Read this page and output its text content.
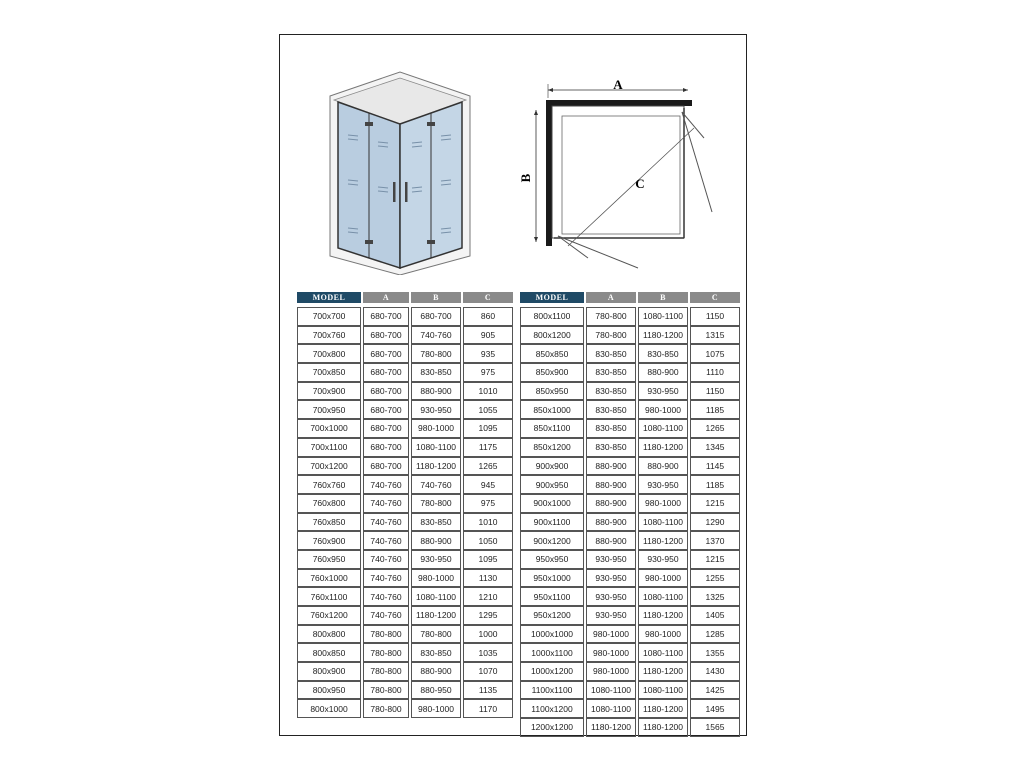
A
B	C
MODEL	A	B	C

700x700	680-700	680-700	860
700x760	680-700	740-760	905
700x800	680-700	780-800	935
700x850	680-700	830-850	975
700x900	680-700	880-900	1010
700x950	680-700	930-950	1055
700x1000	680-700	980-1000	1095
700x1100	680-700	1080-1100	1175
700x1200	680-700	1180-1200	1265
760x760	740-760	740-760	945
760x800	740-760	780-800	975
760x850	740-760	830-850	1010
760x900	740-760	880-900	1050
760x950	740-760	930-950	1095
760x1000	740-760	980-1000	1130
760x1100	740-760	1080-1100	1210
760x1200	740-760	1180-1200	1295
800x800	780-800	780-800	1000
800x850	780-800	830-850	1035
800x900	780-800	880-900	1070
800x950	780-800	880-950	1135
800x1000	780-800	980-1000	1170
MODEL	A	B	C

800x1100	780-800	1080-1100	1150
800x1200	780-800	1180-1200	1315
850x850	830-850	830-850	1075
850x900	830-850	880-900	1110
850x950	830-850	930-950	1150
850x1000	830-850	980-1000	1185
850x1100	830-850	1080-1100	1265
850x1200	830-850	1180-1200	1345
900x900	880-900	880-900	1145
900x950	880-900	930-950	1185
900x1000	880-900	980-1000	1215
900x1100	880-900	1080-1100	1290
900x1200	880-900	1180-1200	1370
950x950	930-950	930-950	1215
950x1000	930-950	980-1000	1255
950x1100	930-950	1080-1100	1325
950x1200	930-950	1180-1200	1405
1000x1000	980-1000	980-1000	1285
1000x1100	980-1000	1080-1100	1355
1000x1200	980-1000	1180-1200	1430
1100x1100	1080-1100	1080-1100	1425
1100x1200	1080-1100	1180-1200	1495
1200x1200	1180-1200	1180-1200	1565
